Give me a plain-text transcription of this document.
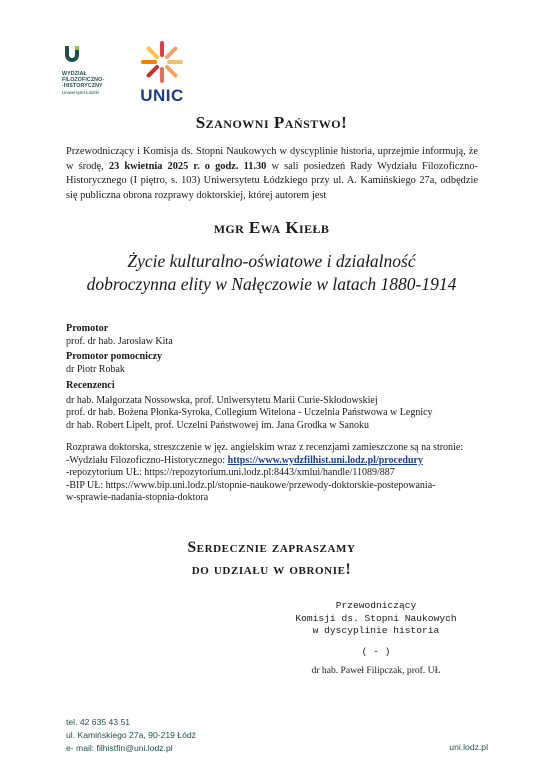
WYDZIAŁ
FILOZOFICZNO-
-HISTORYCZNY
Uniwersytet Łódzki	UNIC
Szanowni Państwo!
Przewodniczący i Komisja ds. Stopni Naukowych w dyscyplinie historia, uprzejmie informują, że w środę, 23 kwietnia 2025 r. o godz. 11.30 w sali posiedzeń Rady Wydziału Filozoficzno-Historycznego (I piętro, s. 103) Uniwersytetu Łódzkiego przy ul. A. Kamińskiego 27a, odbędzie się publiczna obrona rozprawy doktorskiej, której autorem jest
mgr Ewa Kiełb
Życie kulturalno-oświatowe i działalność
dobroczynna elity w Nałęczowie w latach 1880-1914
Promotor
prof. dr hab. Jarosław Kita
Promotor pomocniczy
dr Piotr Robak
Recenzenci
dr hab. Małgorzata Nossowska, prof. Uniwersytetu Marii Curie-Skłodowskiej
prof. dr hab. Bożena Płonka-Syroka, Collegium Witelona - Uczelnia Państwowa w Legnicy
dr hab. Robert Lipelt, prof. Uczelni Państwowej im. Jana Grodka w Sanoku
Rozprawa doktorska, streszczenie w jęz. angielskim wraz z recenzjami zamieszczone są na stronie:
-Wydziału Filozoficzno-Historycznego: https://www.wydzfilhist.uni.lodz.pl/procedury
-repozytorium UŁ: https://repozytorium.uni.lodz.pl:8443/xmlui/handle/11089/887
-BIP UŁ: https://www.bip.uni.lodz.pl/stopnie-naukowe/przewody-doktorskie-postepowania-
w-sprawie-nadania-stopnia-doktora
Serdecznie zapraszamy
do udziału w obronie!
Przewodniczący
Komisji ds. Stopni Naukowych
w dyscyplinie historia
( - )
dr hab. Paweł Filipczak, prof. UŁ
tel. 42 635 43 51
ul. Kamińskiego 27a, 90-219 Łódź
e- mail: filhistfin@uni.lodz.pl	uni.lodz.pl
